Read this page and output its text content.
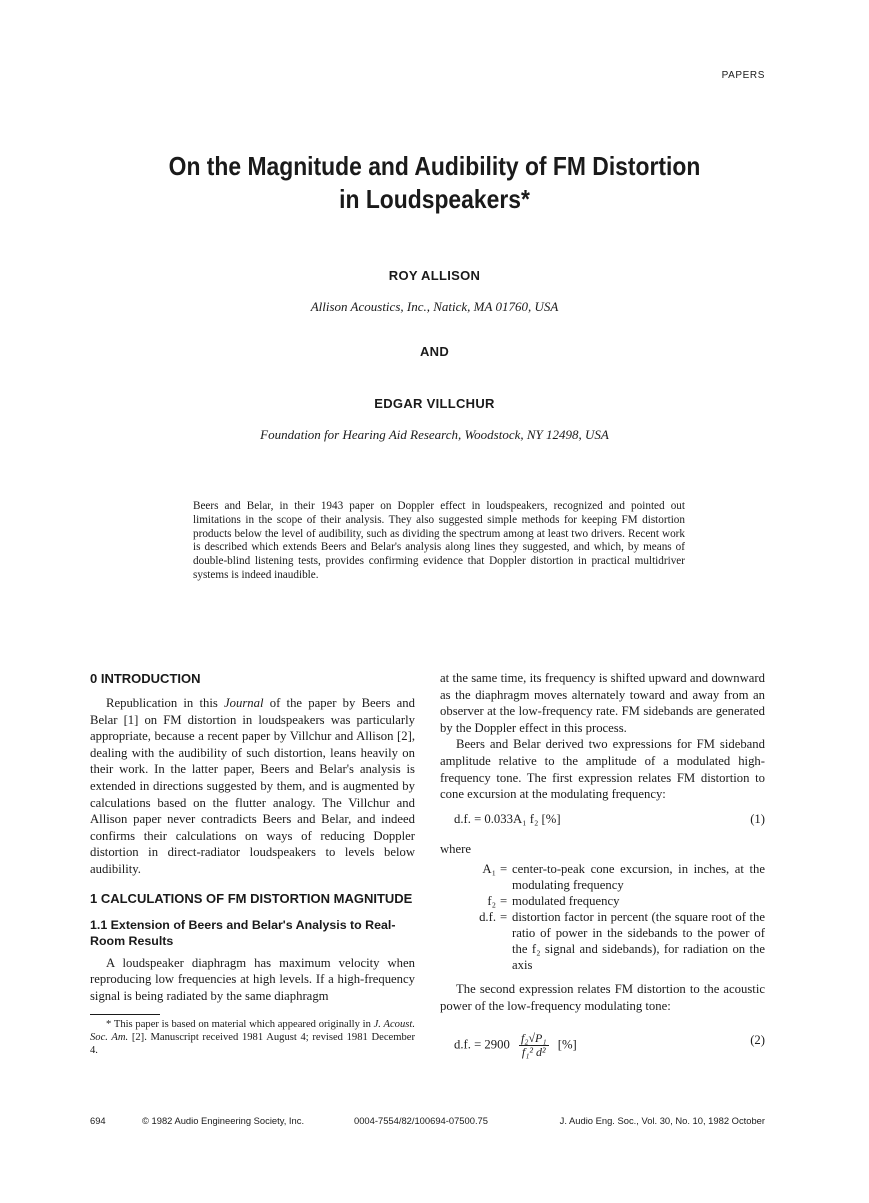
PAPERS
On the Magnitude and Audibility of FM Distortion
in Loudspeakers*
ROY ALLISON
Allison Acoustics, Inc., Natick, MA 01760, USA
AND
EDGAR VILLCHUR
Foundation for Hearing Aid Research, Woodstock, NY 12498, USA
Beers and Belar, in their 1943 paper on Doppler effect in loudspeakers, recognized and pointed out limitations in the scope of their analysis. They also suggested simple methods for keeping FM distortion products below the level of audibility, such as dividing the spectrum among at least two drivers. Recent work is described which extends Beers and Belar's analysis along lines they suggested, and which, by means of double-blind listening tests, provides confirming evidence that Doppler distortion in practical multidriver systems is indeed inaudible.
0 INTRODUCTION

Republication in this Journal of the paper by Beers and Belar [1] on FM distortion in loudspeakers was particularly appropriate, because a recent paper by Villchur and Allison [2], dealing with the audibility of such distortion, leans heavily on their work. In the latter paper, Beers and Belar's analysis is extended in directions suggested by them, and is augmented by calculations based on the flutter analogy. The Villchur and Allison paper never contradicts Beers and Belar, and indeed confirms their calculations on ways of reducing Doppler distortion in direct-radiator loudspeakers to levels below audibility.

1 CALCULATIONS OF FM DISTORTION MAGNITUDE
1.1 Extension of Beers and Belar's Analysis to Real-Room Results

A loudspeaker diaphragm has maximum velocity when reproducing low frequencies at high levels. If a high-frequency signal is being radiated by the same diaphragm

* This paper is based on material which appeared originally in J. Acoust. Soc. Am. [2]. Manuscript received 1981 August 4; revised 1981 December 4.

at the same time, its frequency is shifted upward and downward as the diaphragm moves alternately toward and away from an observer at the low-frequency rate. FM sidebands are generated by the Doppler effect in this process.

Beers and Belar derived two expressions for FM sideband amplitude relative to the amplitude of a modulated high-frequency tone. The first expression relates FM distortion to cone excursion at the modulating frequency:

d.f. = 0.033A₁ f₂ [%]	(1)
where
A₁ = center-to-peak cone excursion, in inches, at the modulating frequency
f₂ = modulated frequency
d.f. = distortion factor in percent (the square root of the ratio of power in the sidebands to the power of the f₂ signal and sidebands), for radiation on the axis

The second expression relates FM distortion to the acoustic power of the low-frequency modulating tone:

d.f. = $2900 \frac{\text{f₂√P₁}}{\text{f₁² d²}}$ [%]	(2)
694	© 1982 Audio Engineering Society, Inc.	0004-7554/82/100694-07500.75	J. Audio Eng. Soc., Vol. 30, No. 10, 1982 October
